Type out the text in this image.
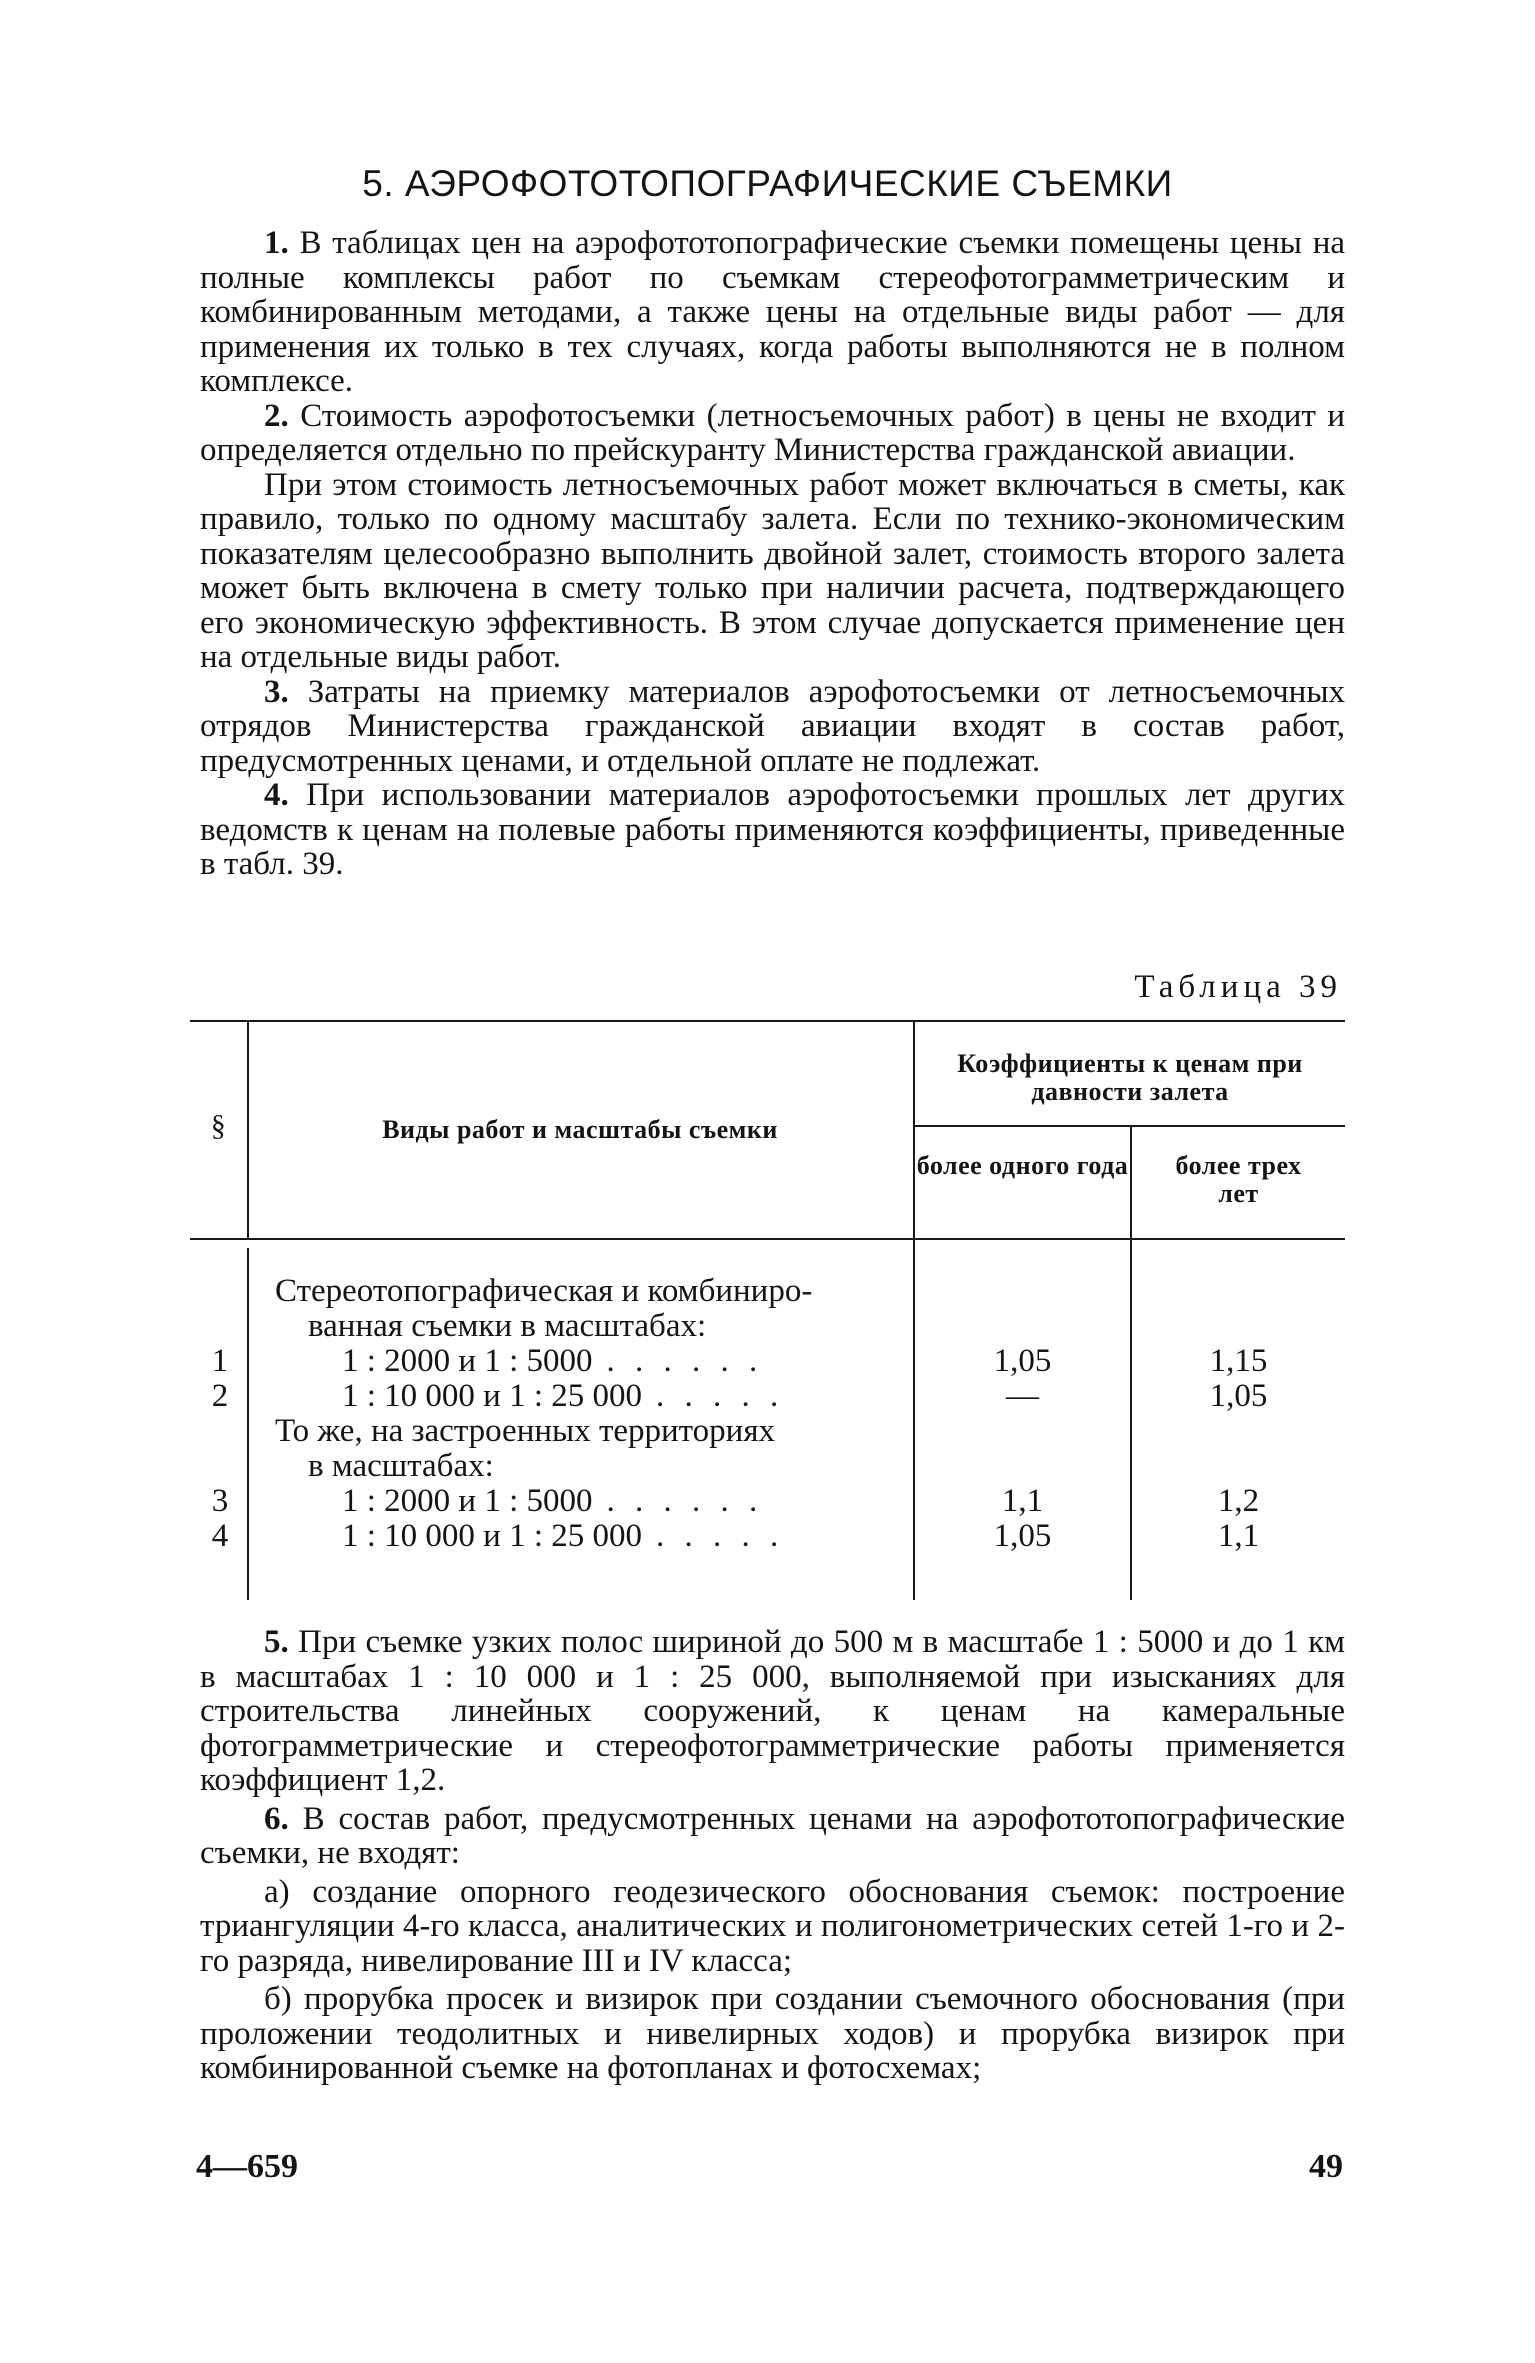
5. АЭРОФОТОТОПОГРАФИЧЕСКИЕ СЪЕМКИ

1. В таблицах цен на аэрофототопографические съемки помещены цены на полные комплексы работ по съемкам стереофотограмметрическим и комбинированным методами, а также цены на отдельные виды работ — для применения их только в тех случаях, когда работы выполняются не в полном комплексе.

2. Стоимость аэрофотосъемки (летносъемочных работ) в цены не входит и определяется отдельно по прейскуранту Министерства гражданской авиации.

При этом стоимость летносъемочных работ может включаться в сметы, как правило, только по одному масштабу залета. Если по технико-экономическим показателям целесообразно выполнить двойной залет, стоимость второго залета может быть включена в смету только при наличии расчета, подтверждающего его экономическую эффективность. В этом случае допускается применение цен на отдельные виды работ.

3. Затраты на приемку материалов аэрофотосъемки от летносъемочных отрядов Министерства гражданской авиации входят в состав работ, предусмотренных ценами, и отдельной оплате не подлежат.

4. При использовании материалов аэрофотосъемки прошлых лет других ведомств к ценам на полевые работы применяются коэффициенты, приведенные в табл. 39.

Таблица 39
§	Виды работ и масштабы съемки
Коэффициенты к ценам при давности залета
более одного года	более трех лет
Стереотопографическая и комбиниро-
ванная съемки в масштабах:
1	1 : 2000 и 1 : 5000 . . . . . .	1,05	1,15
2	1 : 10 000 и 1 : 25 000 . . . . .	—	1,05
То же, на застроенных территориях
в масштабах:
3	1 : 2000 и 1 : 5000 . . . . . .	1,1	1,2
4	1 : 10 000 и 1 : 25 000 . . . . .	1,05	1,1

5. При съемке узких полос шириной до 500 м в масштабе 1 : 5000 и до 1 км в масштабах 1 : 10 000 и 1 : 25 000, выполняемой при изысканиях для строительства линейных сооружений, к ценам на камеральные фотограмметрические и стереофотограмметрические работы применяется коэффициент 1,2.

6. В состав работ, предусмотренных ценами на аэрофототопографические съемки, не входят:

а) создание опорного геодезического обоснования съемок: построение триангуляции 4-го класса, аналитических и полигонометрических сетей 1-го и 2-го разряда, нивелирование III и IV класса;

б) прорубка просек и визирок при создании съемочного обоснования (при проложении теодолитных и нивелирных ходов) и прорубка визирок при комбинированной съемке на фотопланах и фотосхемах;

4—659	49
